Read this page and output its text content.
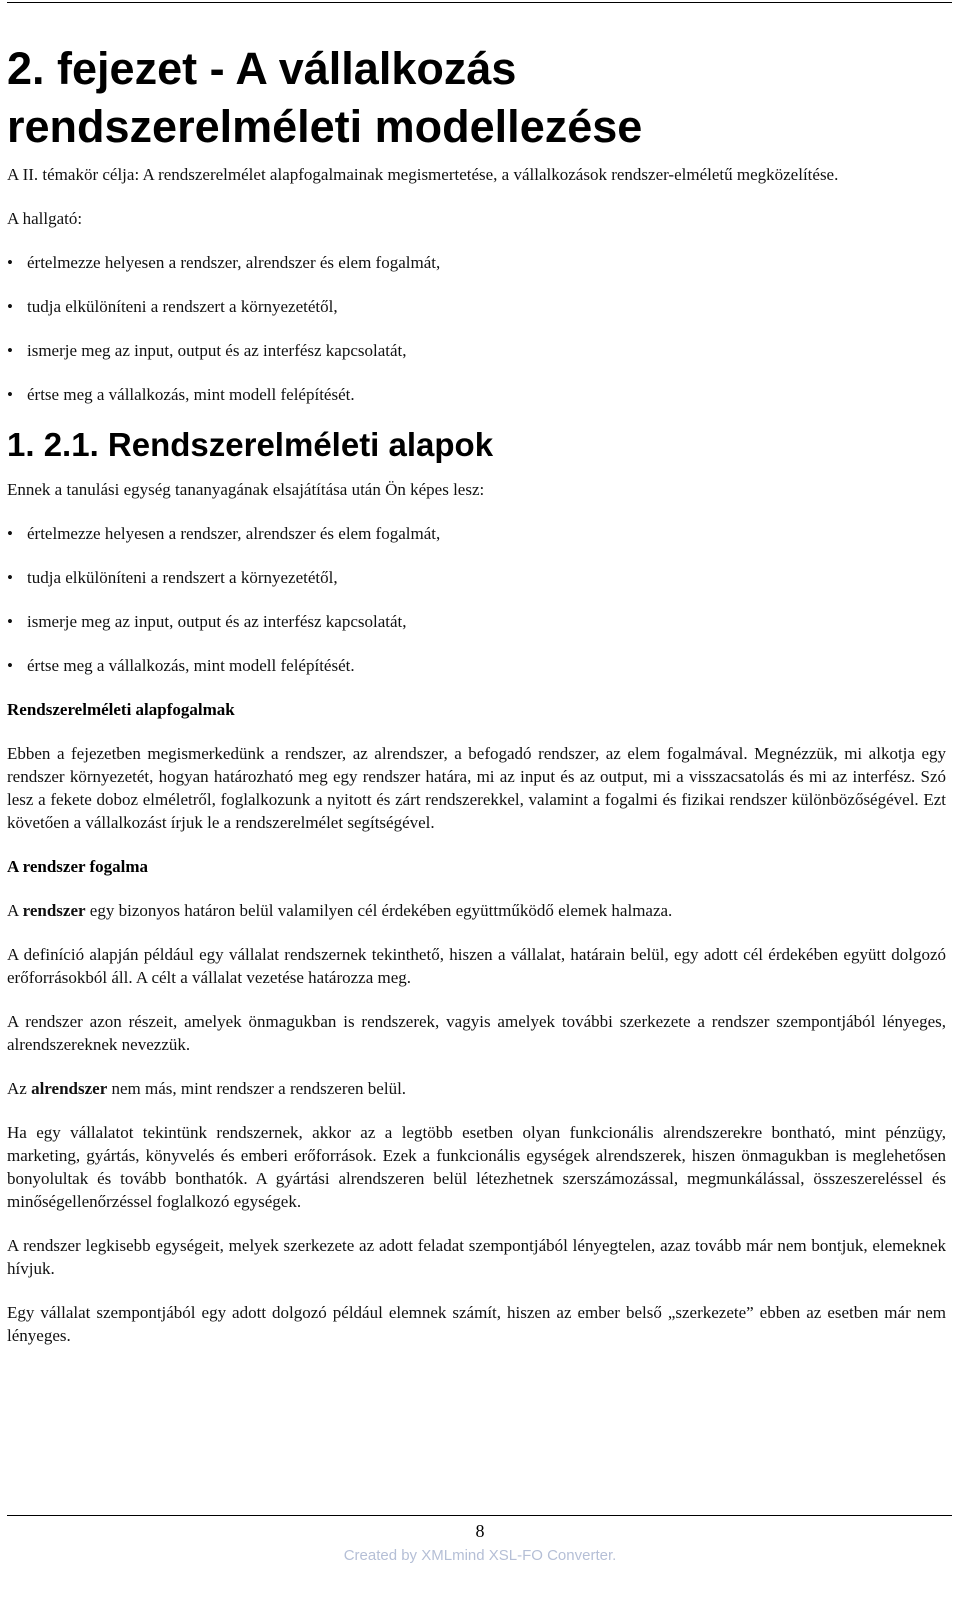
2. fejezet - A vállalkozás
rendszerelméleti modellezése

A II. témakör célja: A rendszerelmélet alapfogalmainak megismertetése, a vállalkozások rendszer-elméletű megközelítése.

A hallgató:

• értelmezze helyesen a rendszer, alrendszer és elem fogalmát,
• tudja elkülöníteni a rendszert a környezetétől,
• ismerje meg az input, output és az interfész kapcsolatát,
• értse meg a vállalkozás, mint modell felépítését.
1. 2.1. Rendszerelméleti alapok

Ennek a tanulási egység tananyagának elsajátítása után Ön képes lesz:

• értelmezze helyesen a rendszer, alrendszer és elem fogalmát,
• tudja elkülöníteni a rendszert a környezetétől,
• ismerje meg az input, output és az interfész kapcsolatát,
• értse meg a vállalkozás, mint modell felépítését.
Rendszerelméleti alapfogalmak

Ebben a fejezetben megismerkedünk a rendszer, az alrendszer, a befogadó rendszer, az elem fogalmával. Megnézzük, mi alkotja egy rendszer környezetét, hogyan határozható meg egy rendszer határa, mi az input és az output, mi a visszacsatolás és mi az interfész. Szó lesz a fekete doboz elméletről, foglalkozunk a nyitott és zárt rendszerekkel, valamint a fogalmi és fizikai rendszer különbözőségével. Ezt követően a vállalkozást írjuk le a rendszerelmélet segítségével.

A rendszer fogalma

A rendszer egy bizonyos határon belül valamilyen cél érdekében együttműködő elemek halmaza.

A definíció alapján például egy vállalat rendszernek tekinthető, hiszen a vállalat, határain belül, egy adott cél érdekében együtt dolgozó erőforrásokból áll. A célt a vállalat vezetése határozza meg.

A rendszer azon részeit, amelyek önmagukban is rendszerek, vagyis amelyek további szerkezete a rendszer szempontjából lényeges, alrendszereknek nevezzük.

Az alrendszer nem más, mint rendszer a rendszeren belül.

Ha egy vállalatot tekintünk rendszernek, akkor az a legtöbb esetben olyan funkcionális alrendszerekre bontható, mint pénzügy, marketing, gyártás, könyvelés és emberi erőforrások. Ezek a funkcionális egységek alrendszerek, hiszen önmagukban is meglehetősen bonyolultak és tovább bonthatók. A gyártási alrendszeren belül létezhetnek szerszámozással, megmunkálással, összeszereléssel és minőségellenőrzéssel foglalkozó egységek.

A rendszer legkisebb egységeit, melyek szerkezete az adott feladat szempontjából lényegtelen, azaz tovább már nem bontjuk, elemeknek hívjuk.

Egy vállalat szempontjából egy adott dolgozó például elemnek számít, hiszen az ember belső „szerkezete” ebben az esetben már nem lényeges.

8
Created by XMLmind XSL-FO Converter.
